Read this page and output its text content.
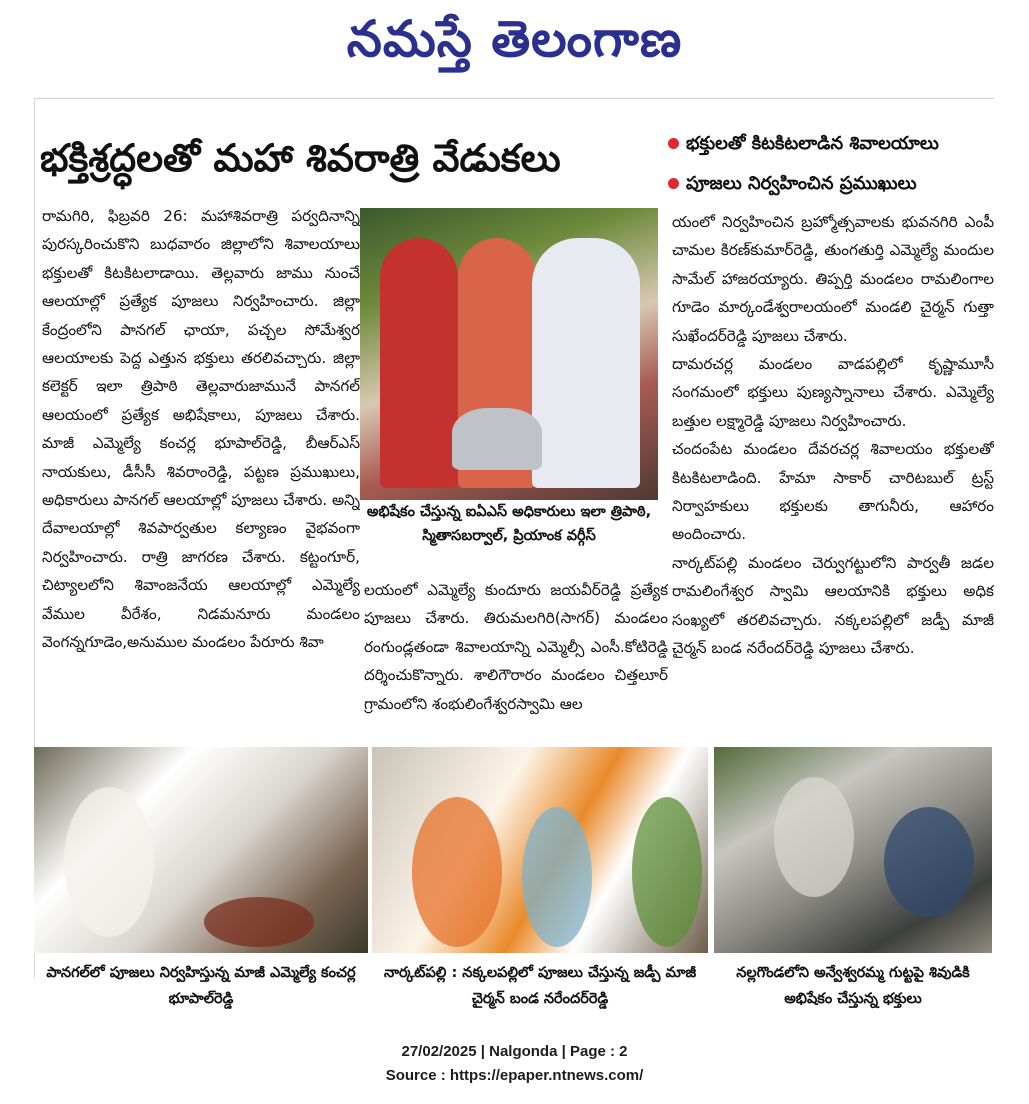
నమస్తే తెలంగాణ
భక్తిశ్రద్ధలతో మహా శివరాత్రి వేడుకలు	భక్తులతో కిటకిటలాడిన శివాలయాలు
పూజలు నిర్వహించిన ప్రముఖులు

రామగిరి, ఫిబ్రవరి 26: మహాశివరాత్రి పర్వదినాన్ని పురస్కరించుకొని బుధవారం జిల్లాలోని శివాలయాలు భక్తులతో కిటకిటలాడాయి. తెల్లవారు జాము నుంచే ఆలయాల్లో ప్రత్యేక పూజలు నిర్వహించారు. జిల్లా కేంద్రంలోని పానగల్ ఛాయా, పచ్చల సోమేశ్వర ఆలయాలకు పెద్ద ఎత్తున భక్తులు తరలివచ్చారు. జిల్లా కలెక్టర్ ఇలా త్రిపాఠి తెల్లవారుజామునే పానగల్ ఆలయంలో ప్రత్యేక అభిషేకాలు, పూజలు చేశారు. మాజీ ఎమ్మెల్యే కంచర్ల భూపాల్‌రెడ్డి, బీఆర్‌ఎస్ నాయకులు, డీసీసీ శివరాంరెడ్డి, పట్టణ ప్రముఖులు, అధికారులు పానగల్ ఆలయాల్లో పూజలు చేశారు. అన్ని దేవాలయాల్లో శివపార్వతుల కల్యాణం వైభవంగా నిర్వహించారు. రాత్రి జాగరణ చేశారు. కట్టంగూర్, చిట్యాలలోని శివాంజనేయ ఆలయాల్లో ఎమ్మెల్యే వేముల వీరేశం, నిడమనూరు మండలం వెంగన్నగూడెం,అనుముల మండలం పేరూరు శివా

అభిషేకం చేస్తున్న ఐఏఎస్ అధికారులు ఇలా త్రిపాఠి, స్మితాసబర్వాల్, ప్రియాంక వర్గీస్

లయంలో ఎమ్మెల్యే కుందూరు జయవీర్‌రెడ్డి ప్రత్యేక పూజలు చేశారు. తిరుమలగిరి(సాగర్) మండలం రంగుండ్లతండా శివాలయాన్ని ఎమ్మెల్సీ ఎంసీ.కోటిరెడ్డి దర్శించుకొన్నారు. శాలిగౌరారం మండలం చిత్తలూర్ గ్రామంలోని శంభులింగేశ్వరస్వామి ఆల

యంలో నిర్వహించిన బ్రహ్మోత్సవాలకు భువనగిరి ఎంపీ చామల కిరణ్‌కుమార్‌రెడ్డి, తుంగతుర్తి ఎమ్మెల్యే మందుల సామేల్ హాజరయ్యారు. తిప్పర్తి మండలం రామలింగాల గూడెం మార్కండేశ్వరాలయంలో మండలి చైర్మన్ గుత్తా సుఖేందర్‌రెడ్డి పూజలు చేశారు.

దామరచర్ల మండలం వాడపల్లిలో కృష్ణామూసీ సంగమంలో భక్తులు పుణ్యస్నానాలు చేశారు. ఎమ్మెల్యే బత్తుల లక్ష్మారెడ్డి పూజలు నిర్వహించారు.

చందంపేట మండలం దేవరచర్ల శివాలయం భక్తులతో కిటకిటలాడింది. హేమా సాకార్ చారిటబుల్ ట్రస్ట్ నిర్వాహకులు భక్తులకు తాగునీరు, ఆహారం అందించారు.

నార్కట్‌పల్లి మండలం చెర్వుగట్టులోని పార్వతీ జడల రామలింగేశ్వర స్వామి ఆలయానికి భక్తులు అధిక సంఖ్యలో తరలివచ్చారు. నక్కలపల్లిలో జడ్పీ మాజీ చైర్మన్ బండ నరేందర్‌రెడ్డి పూజలు చేశారు.

పానగల్‌లో పూజలు నిర్వహిస్తున్న మాజీ ఎమ్మెల్యే కంచర్ల భూపాల్‌రెడ్డి
నార్కట్‌పల్లి : నక్కలపల్లిలో పూజలు చేస్తున్న జడ్పీ మాజీ చైర్మన్ బండ నరేందర్‌రెడ్డి
నల్లగొండలోని అన్వేశ్వరమ్మ గుట్టపై శివుడికి అభిషేకం చేస్తున్న భక్తులు
27/02/2025 | Nalgonda | Page : 2
Source : https://epaper.ntnews.com/
